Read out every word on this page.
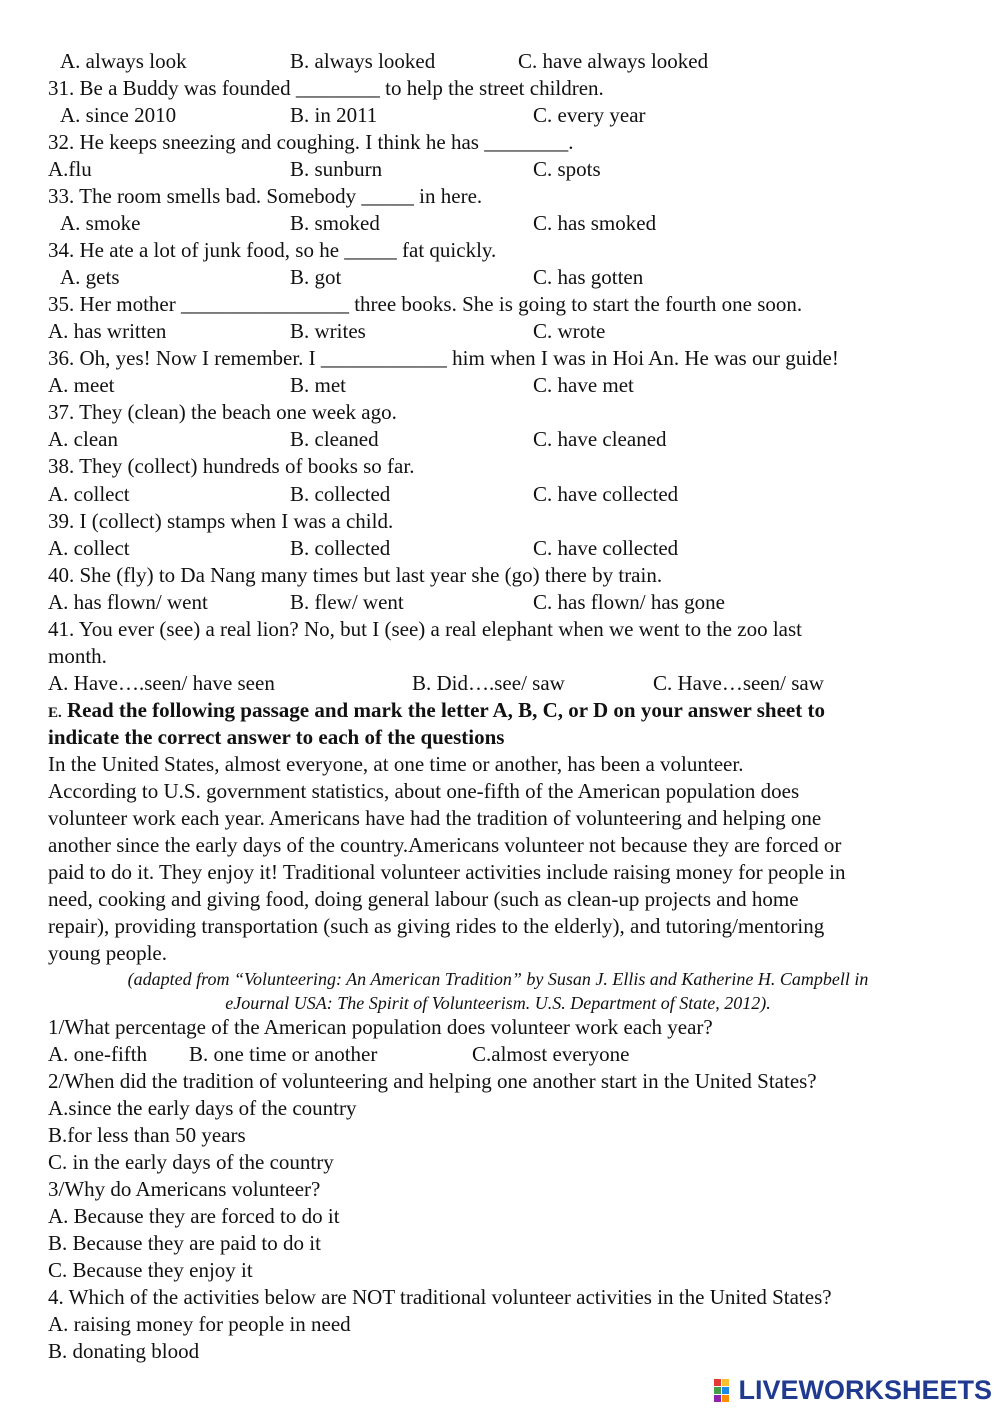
A. always look	B. always looked	C. have always looked
31. Be a Buddy was founded ________ to help the street children.
A. since 2010	B. in 2011	C. every year
32. He keeps sneezing and coughing. I think he has ________.
A.flu	B. sunburn	C. spots
33. The room smells bad. Somebody _____ in here.
A. smoke	B. smoked	C. has smoked
34. He ate a lot of junk food, so he _____ fat quickly.
A. gets	B. got	C. has gotten
35. Her mother ________________ three books. She is going to start the fourth one soon.
A. has written	B. writes	C. wrote
36. Oh, yes! Now I remember. I ____________ him when I was in Hoi An. He was our guide!
A. meet	B. met	C. have met
37. They (clean) the beach one week ago.
A. clean	B. cleaned	C. have cleaned
38. They (collect) hundreds of books so far.
A. collect	B. collected	C. have collected
39. I (collect) stamps when I was a child.
A. collect	B. collected	C. have collected
40. She (fly) to Da Nang many times but last year she (go) there by train.
A. has flown/ went	B. flew/ went	C. has flown/ has gone
41. You ever (see) a real lion? No, but I (see) a real elephant when we went to the zoo last
month.
A. Have….seen/ have seen	B. Did….see/ saw	C. Have…seen/ saw
E. Read the following passage and mark the letter A, B, C, or D on your answer sheet to
indicate the correct answer to each of the questions
In the United States, almost everyone, at one time or another, has been a volunteer.
According to U.S. government statistics, about one-fifth of the American population does
volunteer work each year. Americans have had the tradition of volunteering and helping one
another since the early days of the country.Americans volunteer not because they are forced or
paid to do it. They enjoy it! Traditional volunteer activities include raising money for people in
need, cooking and giving food, doing general labour (such as clean-up projects and home
repair), providing transportation (such as giving rides to the elderly), and tutoring/mentoring
young people.
(adapted from “Volunteering: An American Tradition” by Susan J. Ellis and Katherine H. Campbell in
eJournal USA: The Spirit of Volunteerism. U.S. Department of State, 2012).
1/What percentage of the American population does volunteer work each year?
A. one-fifth B. one time or another	C.almost everyone
2/When did the tradition of volunteering and helping one another start in the United States?
A.since the early days of the country
B.for less than 50 years
C. in the early days of the country
3/Why do Americans volunteer?
A. Because they are forced to do it
B. Because they are paid to do it
C. Because they enjoy it
4. Which of the activities below are NOT traditional volunteer activities in the United States?
A. raising money for people in need
B. donating blood
LIVEWORKSHEETS
